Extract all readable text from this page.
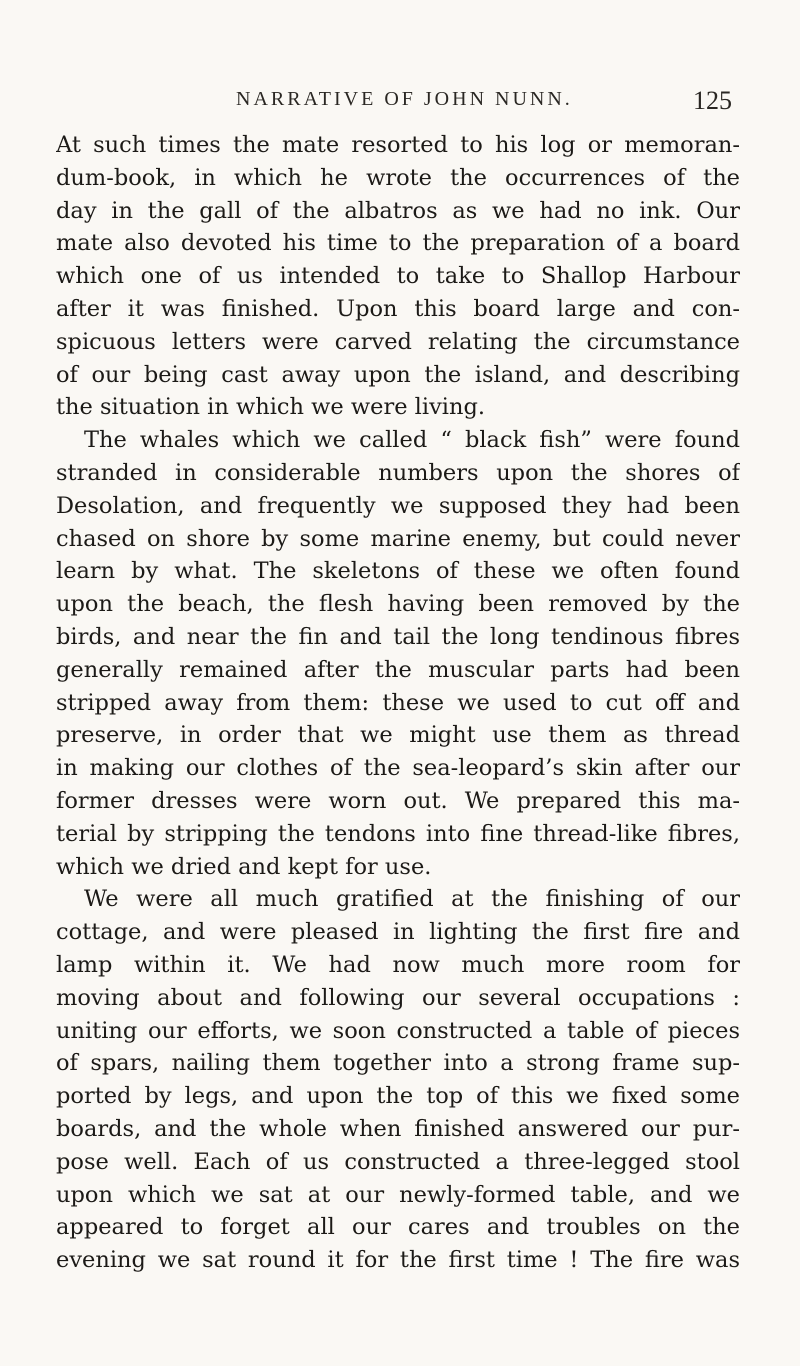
NARRATIVE OF JOHN NUNN.	125
At such times the mate resorted to his log or memoran-
dum-book, in which he wrote the occurrences of the
day in the gall of the albatros as we had no ink. Our
mate also devoted his time to the preparation of a board
which one of us intended to take to Shallop Harbour
after it was finished. Upon this board large and con-
spicuous letters were carved relating the circumstance
of our being cast away upon the island, and describing
the situation in which we were living.
The whales which we called “ black fish” were found
stranded in considerable numbers upon the shores of
Desolation, and frequently we supposed they had been
chased on shore by some marine enemy, but could never
learn by what. The skeletons of these we often found
upon the beach, the flesh having been removed by the
birds, and near the fin and tail the long tendinous fibres
generally remained after the muscular parts had been
stripped away from them: these we used to cut off and
preserve, in order that we might use them as thread
in making our clothes of the sea-leopard’s skin after our
former dresses were worn out. We prepared this ma-
terial by stripping the tendons into fine thread-like fibres,
which we dried and kept for use.
We were all much gratified at the finishing of our
cottage, and were pleased in lighting the first fire and
lamp within it. We had now much more room for
moving about and following our several occupations :
uniting our efforts, we soon constructed a table of pieces
of spars, nailing them together into a strong frame sup-
ported by legs, and upon the top of this we fixed some
boards, and the whole when finished answered our pur-
pose well. Each of us constructed a three-legged stool
upon which we sat at our newly-formed table, and we
appeared to forget all our cares and troubles on the
evening we sat round it for the first time ! The fire was
